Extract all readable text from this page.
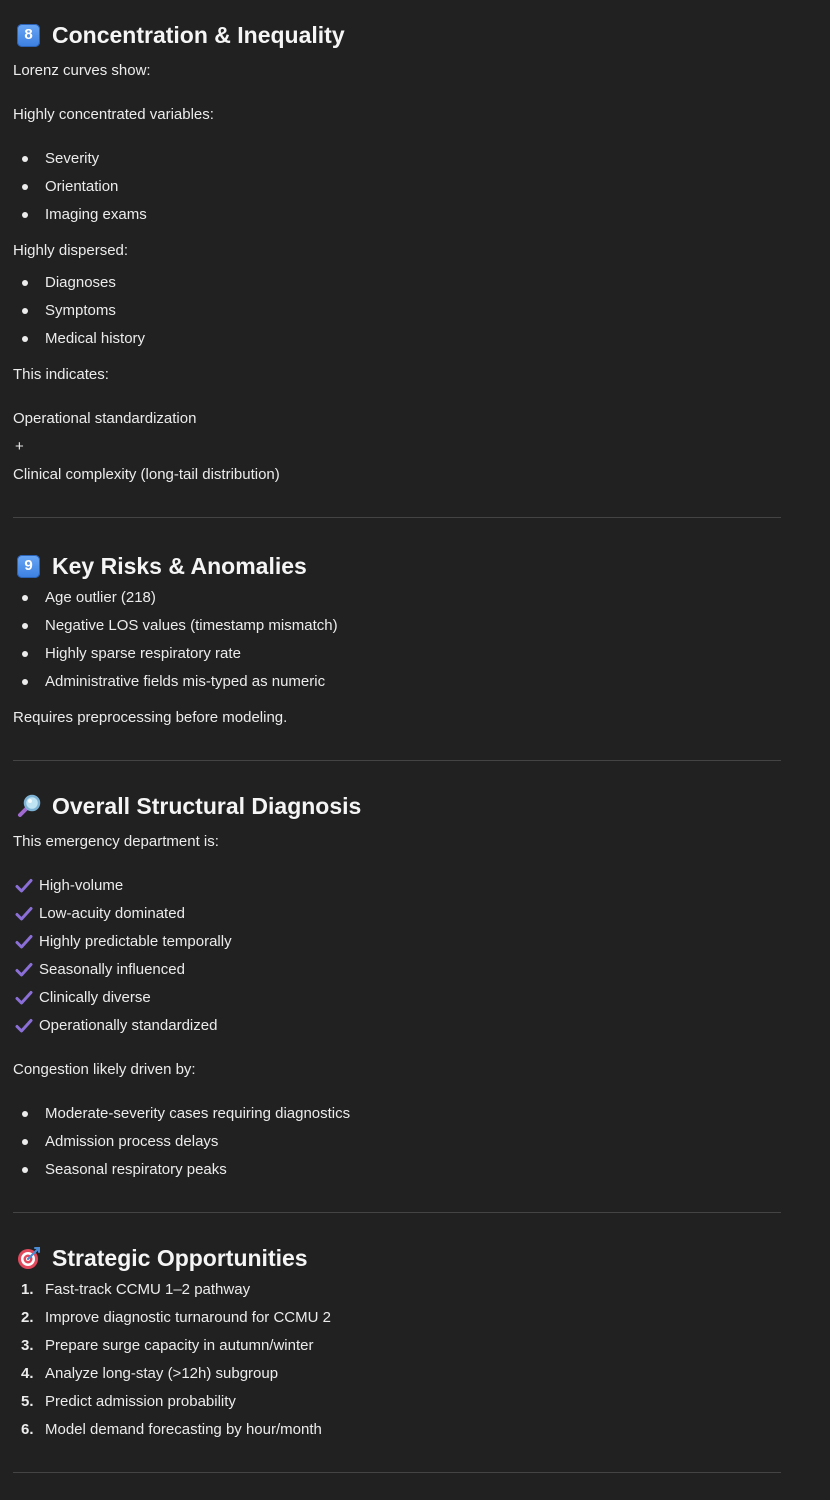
8 Concentration & Inequality

Lorenz curves show:

Highly concentrated variables:

Severity
Orientation
Imaging exams

Highly dispersed:

Diagnoses
Symptoms
Medical history

This indicates:

Operational standardization

+

Clinical complexity (long-tail distribution)

9 Key Risks & Anomalies
Age outlier (218)
Negative LOS values (timestamp mismatch)
Highly sparse respiratory rate
Administrative fields mis-typed as numeric

Requires preprocessing before modeling.

Overall Structural Diagnosis

This emergency department is:

High-volume
Low-acuity dominated
Highly predictable temporally
Seasonally influenced
Clinically diverse
Operationally standardized

Congestion likely driven by:

Moderate-severity cases requiring diagnostics
Admission process delays
Seasonal respiratory peaks
Strategic Opportunities
1. Fast-track CCMU 1–2 pathway
2. Improve diagnostic turnaround for CCMU 2
3. Prepare surge capacity in autumn/winter
4. Analyze long-stay (>12h) subgroup
5. Predict admission probability
6. Model demand forecasting by hour/month
